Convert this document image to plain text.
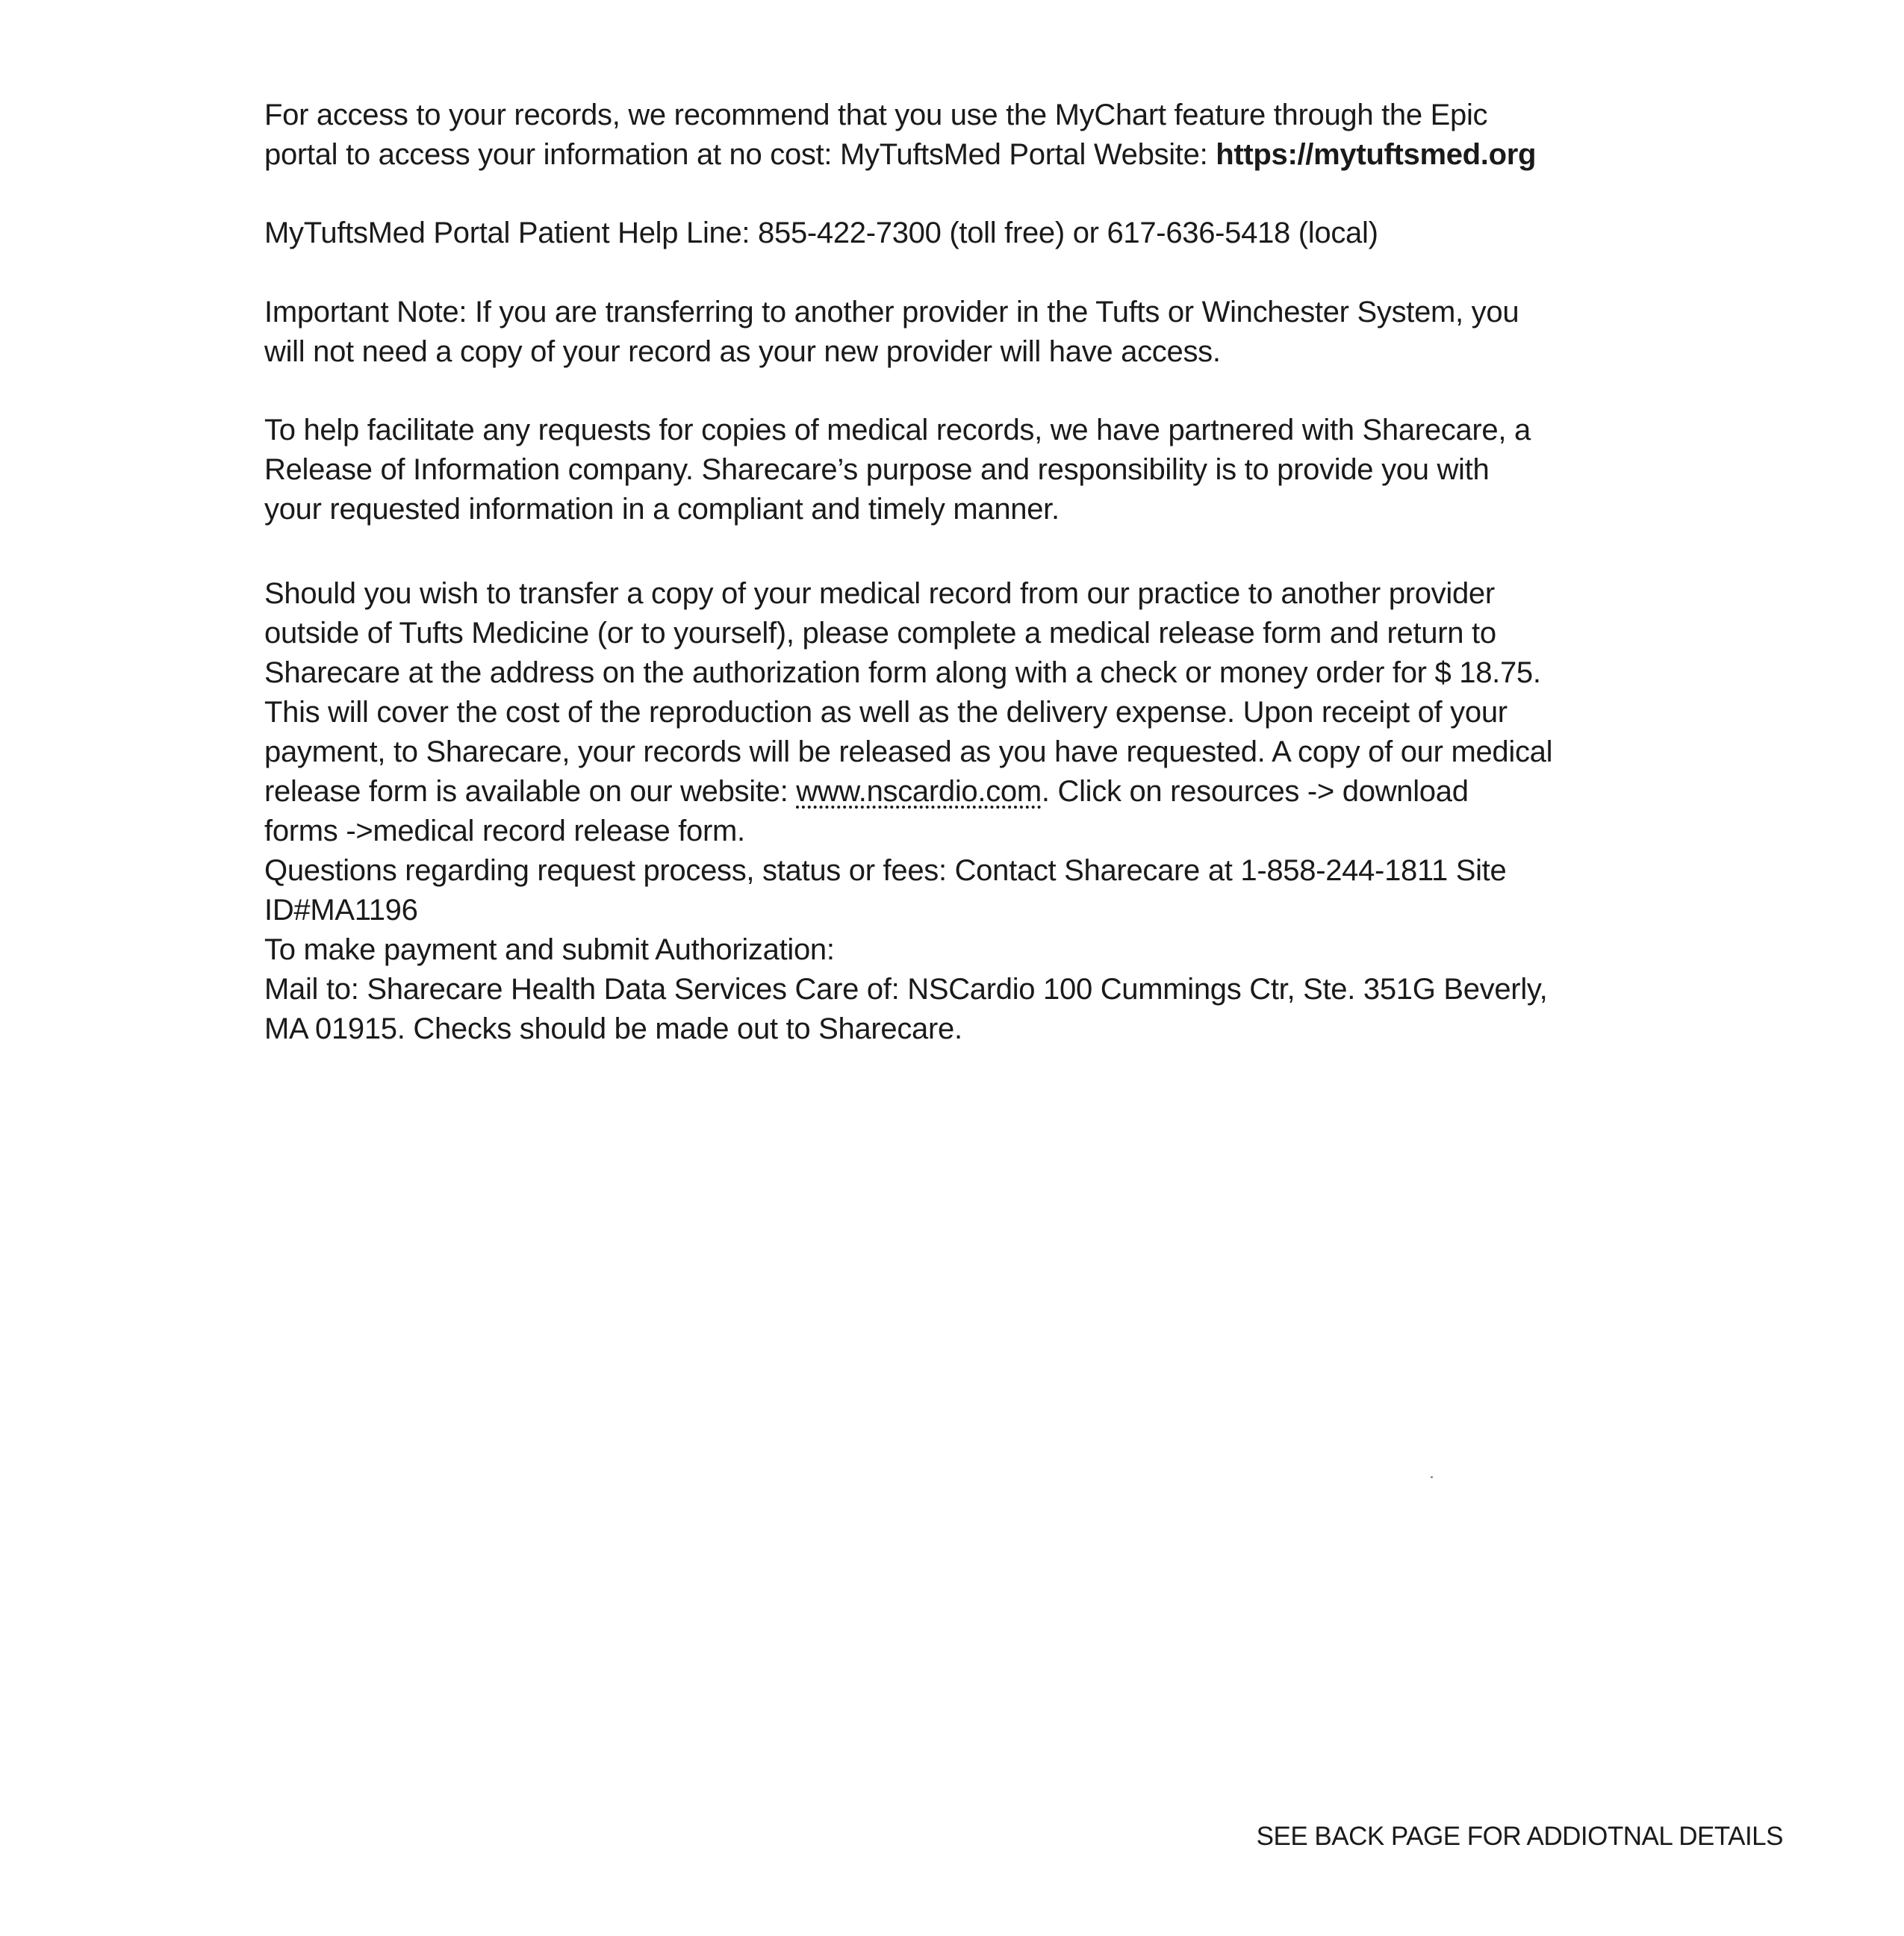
For access to your records, we recommend that you use the MyChart feature through the Epic
portal to access your information at no cost: MyTuftsMed Portal Website: https://mytuftsmed.org
MyTuftsMed Portal Patient Help Line: 855-422-7300 (toll free) or 617-636-5418 (local)
Important Note: If you are transferring to another provider in the Tufts or Winchester System, you
will not need a copy of your record as your new provider will have access.
To help facilitate any requests for copies of medical records, we have partnered with Sharecare, a
Release of Information company. Sharecare’s purpose and responsibility is to provide you with
your requested information in a compliant and timely manner.
Should you wish to transfer a copy of your medical record from our practice to another provider
outside of Tufts Medicine (or to yourself), please complete a medical release form and return to
Sharecare at the address on the authorization form along with a check or money order for $ 18.75.
This will cover the cost of the reproduction as well as the delivery expense. Upon receipt of your
payment, to Sharecare, your records will be released as you have requested. A copy of our medical
release form is available on our website: www.nscardio.com. Click on resources -> download
forms ->medical record release form.
Questions regarding request process, status or fees: Contact Sharecare at 1-858-244-1811 Site
ID#MA1196
To make payment and submit Authorization:
Mail to: Sharecare Health Data Services Care of: NSCardio 100 Cummings Ctr, Ste. 351G Beverly,
MA 01915. Checks should be made out to Sharecare.

SEE BACK PAGE FOR ADDIOTNAL DETAILS
